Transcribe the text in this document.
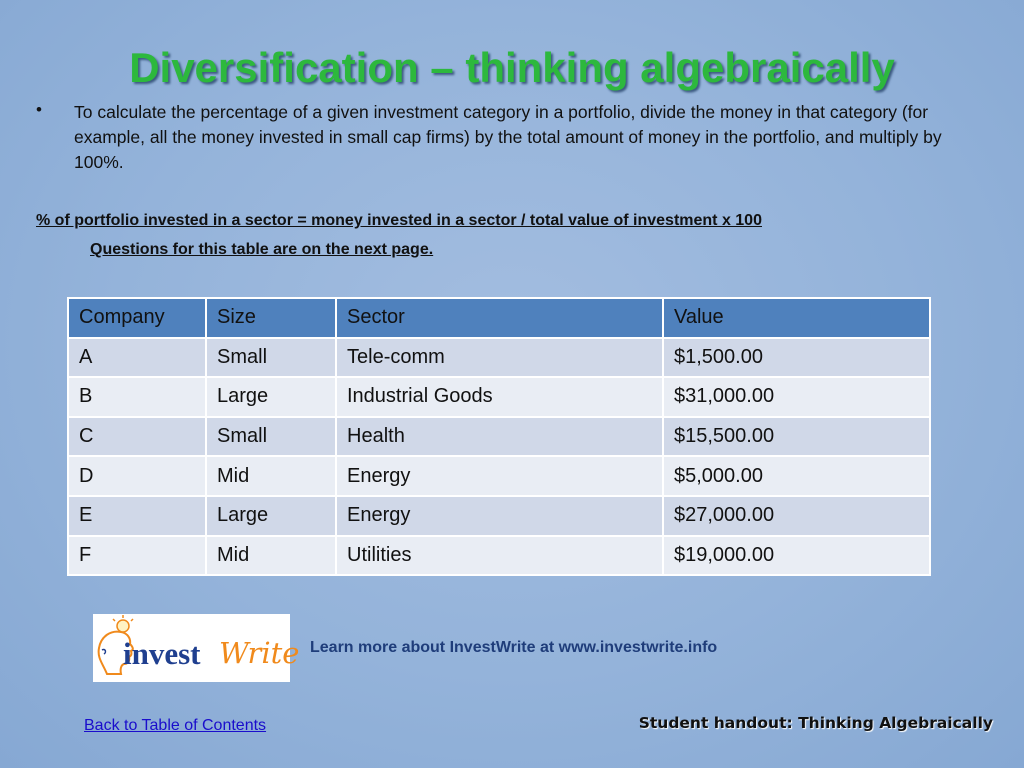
Diversification – thinking algebraically
• To calculate the percentage of a given investment category in a portfolio, divide the money in that category (for example, all the money invested in small cap firms) by the total amount of money in the portfolio, and multiply by 100%.
% of portfolio invested in a sector = money invested in a sector / total value of investment x 100
Questions for this table are on the next page.
Company	Size	Sector	Value
A	Small	Tele-comm	$1,500.00
B	Large	Industrial Goods	$31,000.00
C	Small	Health	$15,500.00
D	Mid	Energy	$5,000.00
E	Large	Energy	$27,000.00
F	Mid	Utilities	$19,000.00
invest Write Learn more about InvestWrite at www.investwrite.info
Back to Table of Contents	Student handout: Thinking Algebraically
